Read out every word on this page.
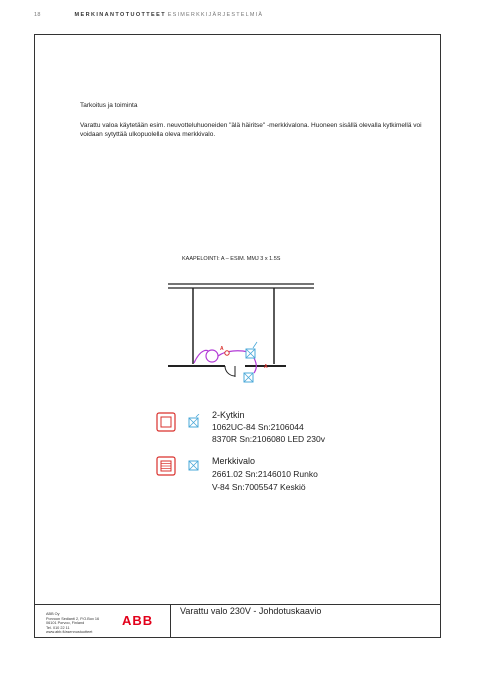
18	MERKINANTOTUOTTEET ESIMERKKIJÄRJESTELMIÄ
Tarkoitus ja toiminta
Varattu valoa käytetään esim. neuvotteluhuoneiden "älä häiritse" -merkkivalona. Huoneen sisällä olevalla kytkimellä voi voidaan sytyttää ulkopuolella oleva merkkivalo.
KAAPELOINTI: A – ESIM. MMJ 3 x 1.5S
A
A
2-Kytkin
1062UC-84 Sn:2106044
8370R Sn:2106080 LED 230v
Merkkivalo
2661.02 Sn:2146010 Runko
V-84 Sn:7005547 Keskiö
ABB Oy
Porvoon Sedianti 2, P.O.Box 16
06101 Porvoo, Finland
Tel. 010 22 11
www.abb.fi/asennustuotteet
ABB
Varattu valo 230V - Johdotuskaavio
